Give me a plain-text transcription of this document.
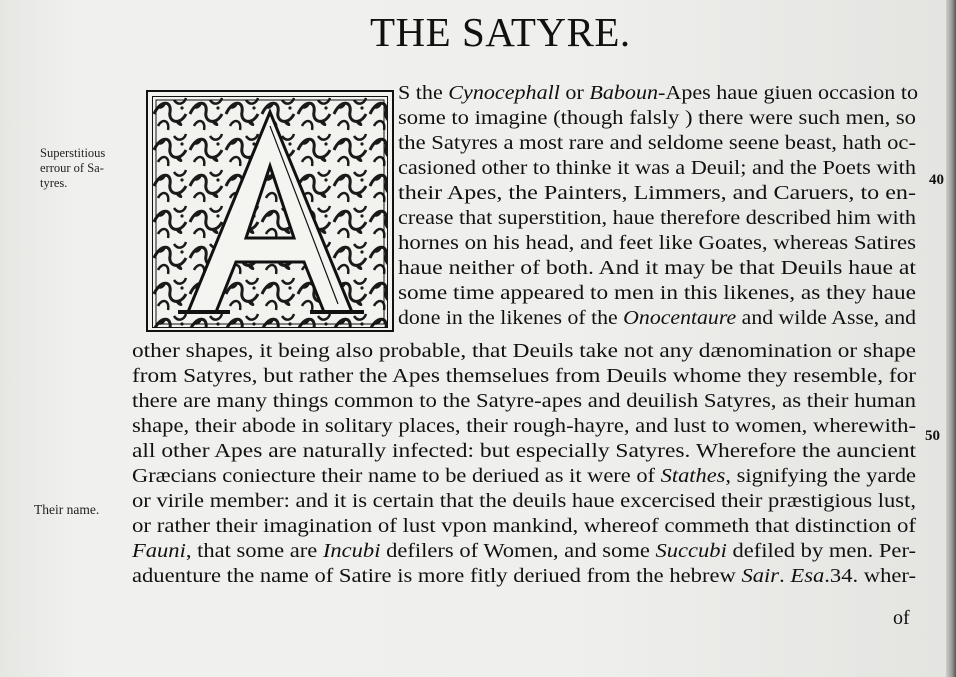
THE SATYRE.
Superstitious
errour of Sa-
tyres.
Their name.
40
50
S the Cynocephall or Baboun-Apes haue giuen occasion to
some to imagine (though falsly ) there were such men, so
the Satyres a most rare and seldome seene beast, hath oc-
casioned other to thinke it was a Deuil; and the Poets with
their Apes, the Painters, Limmers, and Caruers, to en-
crease that superstition, haue therefore described him with
hornes on his head, and feet like Goates, whereas Satires
haue neither of both. And it may be that Deuils haue at
some time appeared to men in this likenes, as they haue
done in the likenes of the Onocentaure and wilde Asse, and
other shapes, it being also probable, that Deuils take not any dænomination or shape
from Satyres, but rather the Apes themselues from Deuils whome they resemble, for
there are many things common to the Satyre-apes and deuilish Satyres, as their human
shape, their abode in solitary places, their rough-hayre, and lust to women, wherewith-
all other Apes are naturally infected: but especially Satyres. Wherefore the auncient
Græcians coniecture their name to be deriued as it were of Stathes, signifying the yarde
or virile member: and it is certain that the deuils haue excercised their præstigious lust,
or rather their imagination of lust vpon mankind, whereof commeth that distinction of
Fauni, that some are Incubi defilers of Women, and some Succubi defiled by men. Per-
aduenture the name of Satire is more fitly deriued from the hebrew Sair. Esa.34. wher-
of
